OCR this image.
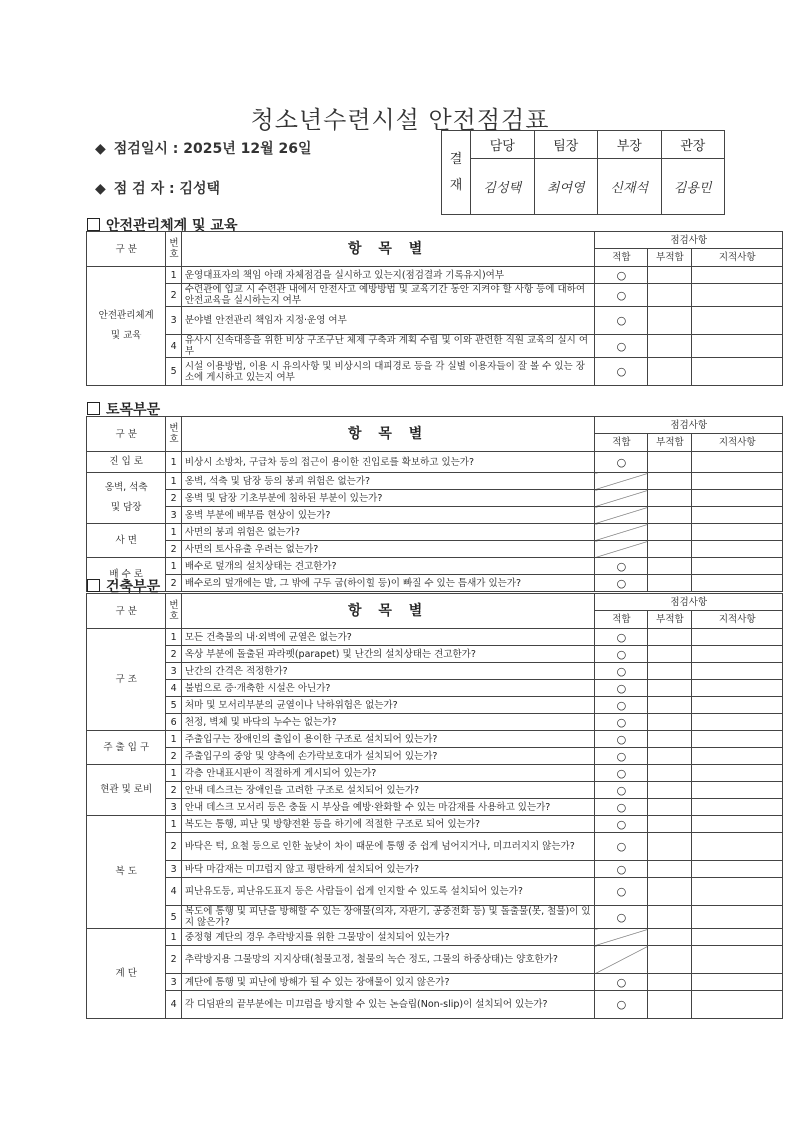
청소년수련시설 안전점검표
◆ 점검일시 : 2025년 12월 26일
◆ 점 검 자 : 김성택
결
재	담당	팀장	부장	관장
	김성택	최여영	신재석	김용민
안전관리체계 및 교육
구 분	번호	항 목 별	점검사항		
			적합	부적합	지적사항
안전관리체계
및 교육	1	운영대표자의 책임 아래 자체점검을 실시하고 있는지(점검결과 기록유지)여부	○		
	2	수련관에 입교 시 수련관 내에서 안전사고 예방방법 및 교육기간 동안 지켜야 할 사항 등에 대하여 안전교육을 실시하는지 여부	○		
	3	분야별 안전관리 책임자 지정·운영 여부	○		
	4	유사시 신속대응을 위한 비상 구조구난 체제 구축과 계획 수립 및 이와 관련한 직원 교육의 실시 여부	○		
	5	시설 이용방법, 이용 시 유의사항 및 비상시의 대피경로 등을 각 실별 이용자들이 잘 볼 수 있는 장소에 게시하고 있는지 여부	○		
토목부문
구 분	번호	항 목 별	점검사항		
			적합	부적합	지적사항
진 입 로	1	비상시 소방차, 구급차 등의 접근이 용이한 진입로를 확보하고 있는가?	○		
옹벽, 석축
및 담장	1	옹벽, 석축 및 담장 등의 붕괴 위험은 없는가?			
	2	옹벽 및 담장 기초부분에 침하된 부분이 있는가?			
	3	옹벽 부분에 배부름 현상이 있는가?			
사 면	1	사면의 붕괴 위험은 없는가?			
	2	사면의 토사유출 우려는 없는가?			
배 수 로	1	배수로 덮개의 설치상태는 견고한가?	○		
	2	배수로의 덮개에는 발, 그 밖에 구두 굽(하이힐 등)이 빠질 수 있는 틈새가 있는가?	○		
건축부문
구 분	번호	항 목 별	점검사항		
			적합	부적합	지적사항
구 조	1	모든 건축물의 내·외벽에 균열은 없는가?	○		
	2	옥상 부분에 돌출된 파라펫(parapet) 및 난간의 설치상태는 견고한가?	○		
	3	난간의 간격은 적정한가?	○		
	4	불법으로 증·개축한 시설은 아닌가?	○		
	5	처마 및 모서리부분의 균열이나 낙하위험은 없는가?	○		
	6	천정, 벽체 및 바닥의 누수는 없는가?	○		
주 출 입 구	1	주출입구는 장애인의 출입이 용이한 구조로 설치되어 있는가?	○		
	2	주출입구의 중앙 및 양측에 손가락보호대가 설치되어 있는가?	○		
현관 및 로비	1	각층 안내표시판이 적절하게 게시되어 있는가?	○		
	2	안내 데스크는 장애인을 고려한 구조로 설치되어 있는가?	○		
	3	안내 데스크 모서리 등은 충돌 시 부상을 예방·완화할 수 있는 마감재를 사용하고 있는가?	○		
복 도	1	복도는 통행, 피난 및 방향전환 등을 하기에 적절한 구조로 되어 있는가?	○		
	2	바닥은 턱, 요철 등으로 인한 높낮이 차이 때문에 통행 중 쉽게 넘어지거나, 미끄러지지 않는가?	○		
	3	바닥 마감재는 미끄럽지 않고 평탄하게 설치되어 있는가?	○		
	4	피난유도등, 피난유도표지 등은 사람들이 쉽게 인지할 수 있도록 설치되어 있는가?	○		
	5	복도에 통행 및 피난을 방해할 수 있는 장애물(의자, 자판기, 공중전화 등) 및 돌출물(못, 철물)이 있지 않은가?	○		
계 단	1	중정형 계단의 경우 추락방지를 위한 그물망이 설치되어 있는가?			
	2	추락방지용 그물망의 지지상태(철물고정, 철물의 녹슨 정도, 그물의 하중상태)는 양호한가?			
	3	계단에 통행 및 피난에 방해가 될 수 있는 장애물이 있지 않은가?	○		
	4	각 디딤판의 끝부분에는 미끄럼을 방지할 수 있는 논슬립(Non-slip)이 설치되어 있는가?	○		
